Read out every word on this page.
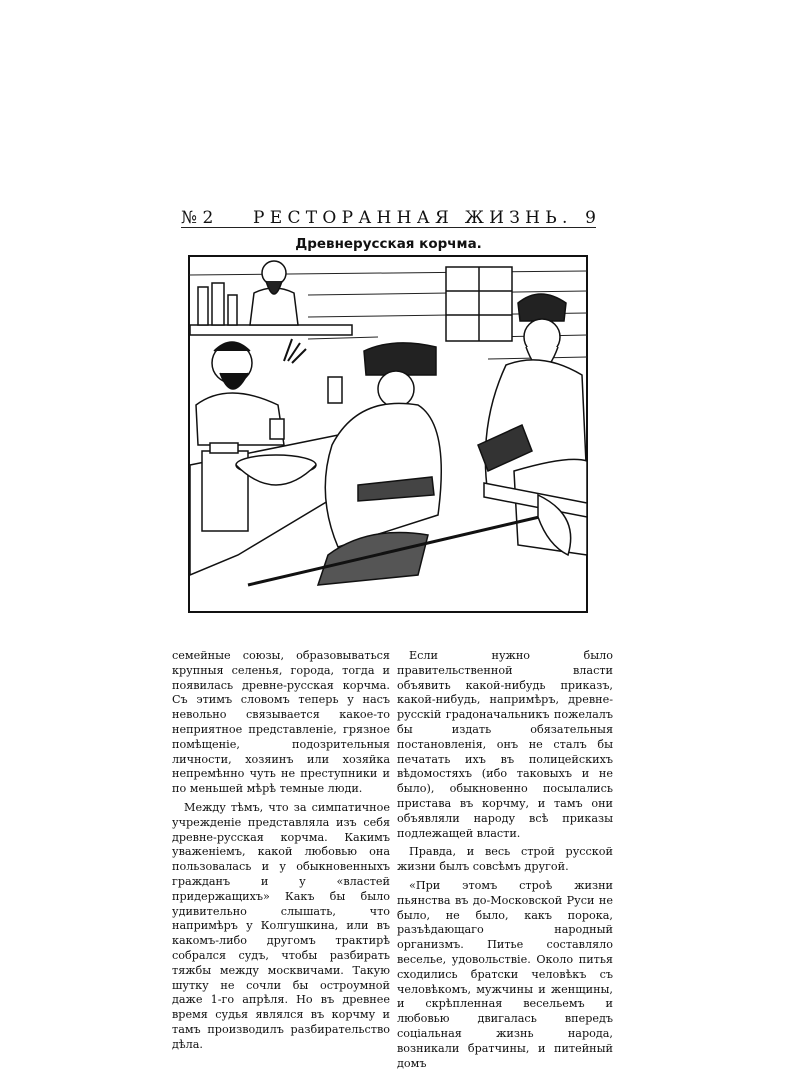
№ 2 РЕСТОРАННАЯ ЖИЗНЬ. 9
Древнерусская корчма.

семейные союзы, образовываться крупныя селенья, города, тогда и появилась древне-русская корчма. Съ этимъ словомъ теперь у насъ невольно связывается какое-то неприятное представленіе, грязное помѣщеніе, подозрительныя личности, хозяинъ или хозяйка непремѣнно чуть не преступники и по меньшей мѣрѣ темные люди.

Между тѣмъ, что за симпатичное учрежденіе представляла изъ себя древне-русская корчма. Какимъ уваженіемъ, какой любовью она пользовалась и у обыкновенныхъ гражданъ и у «властей придержащихъ» Какъ бы было удивительно слышать, что напримѣръ у Колгушкина, или въ какомъ-либо другомъ трактирѣ собрался судъ, чтобы разбирать тяжбы между москвичами. Такую шутку не сочли бы остроумной даже 1-го апрѣля. Но въ древнее время судья являлся въ корчму и тамъ производилъ разбирательство дѣла.

Если нужно было правительственной власти объявить какой-нибудь приказъ, какой-нибудь, напримѣръ, древне-русскій градоначальникъ пожелалъ бы издать обязательныя постановленія, онъ не сталъ бы печатать ихъ въ полицейскихъ вѣдомостяхъ (ибо таковыхъ и не было), обыкновенно посылались пристава въ корчму, и тамъ они объявляли народу всѣ приказы подлежащей власти.

Правда, и весь строй русской жизни былъ совсѣмъ другой.

«При этомъ строѣ жизни пьянства въ до-Московской Руси не было, не было, какъ порока, разъѣдающаго народный организмъ. Питье составляло веселье, удовольствіе. Около питья сходились братски человѣкъ съ человѣкомъ, мужчины и женщины, и скрѣпленная весельемъ и любовью двигалась впередъ соціальная жизнь народа, возникали братчины, и питейный домъ
